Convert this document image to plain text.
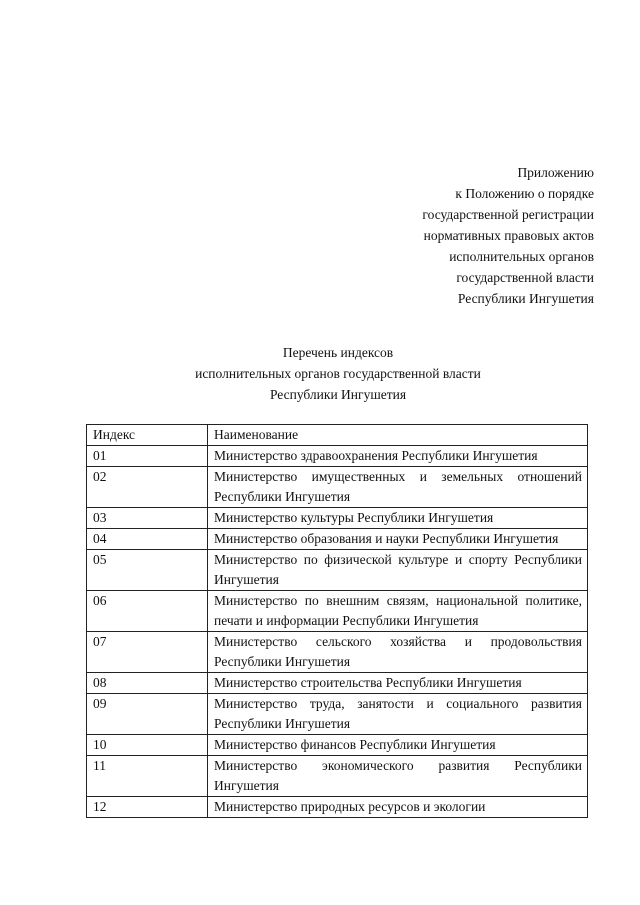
Приложению
к Положению о порядке
государственной регистрации
нормативных правовых актов
исполнительных органов
государственной власти
Республики Ингушетия
Перечень индексов
исполнительных органов государственной власти
Республики Ингушетия
Индекс	Наименование
01	Министерство здравоохранения Республики Ингушетия
02	Министерство имущественных и земельных отношений Республики Ингушетия
03	Министерство культуры Республики Ингушетия
04	Министерство образования и науки Республики Ингушетия
05	Министерство по физической культуре и спорту Республики Ингушетия
06	Министерство по внешним связям, национальной политике, печати и информации Республики Ингушетия
07	Министерство сельского хозяйства и продовольствия Республики Ингушетия
08	Министерство строительства Республики Ингушетия
09	Министерство труда, занятости и социального развития Республики Ингушетия
10	Министерство финансов Республики Ингушетия
11	Министерство экономического развития Республики Ингушетия
12	Министерство природных ресурсов и экологии
